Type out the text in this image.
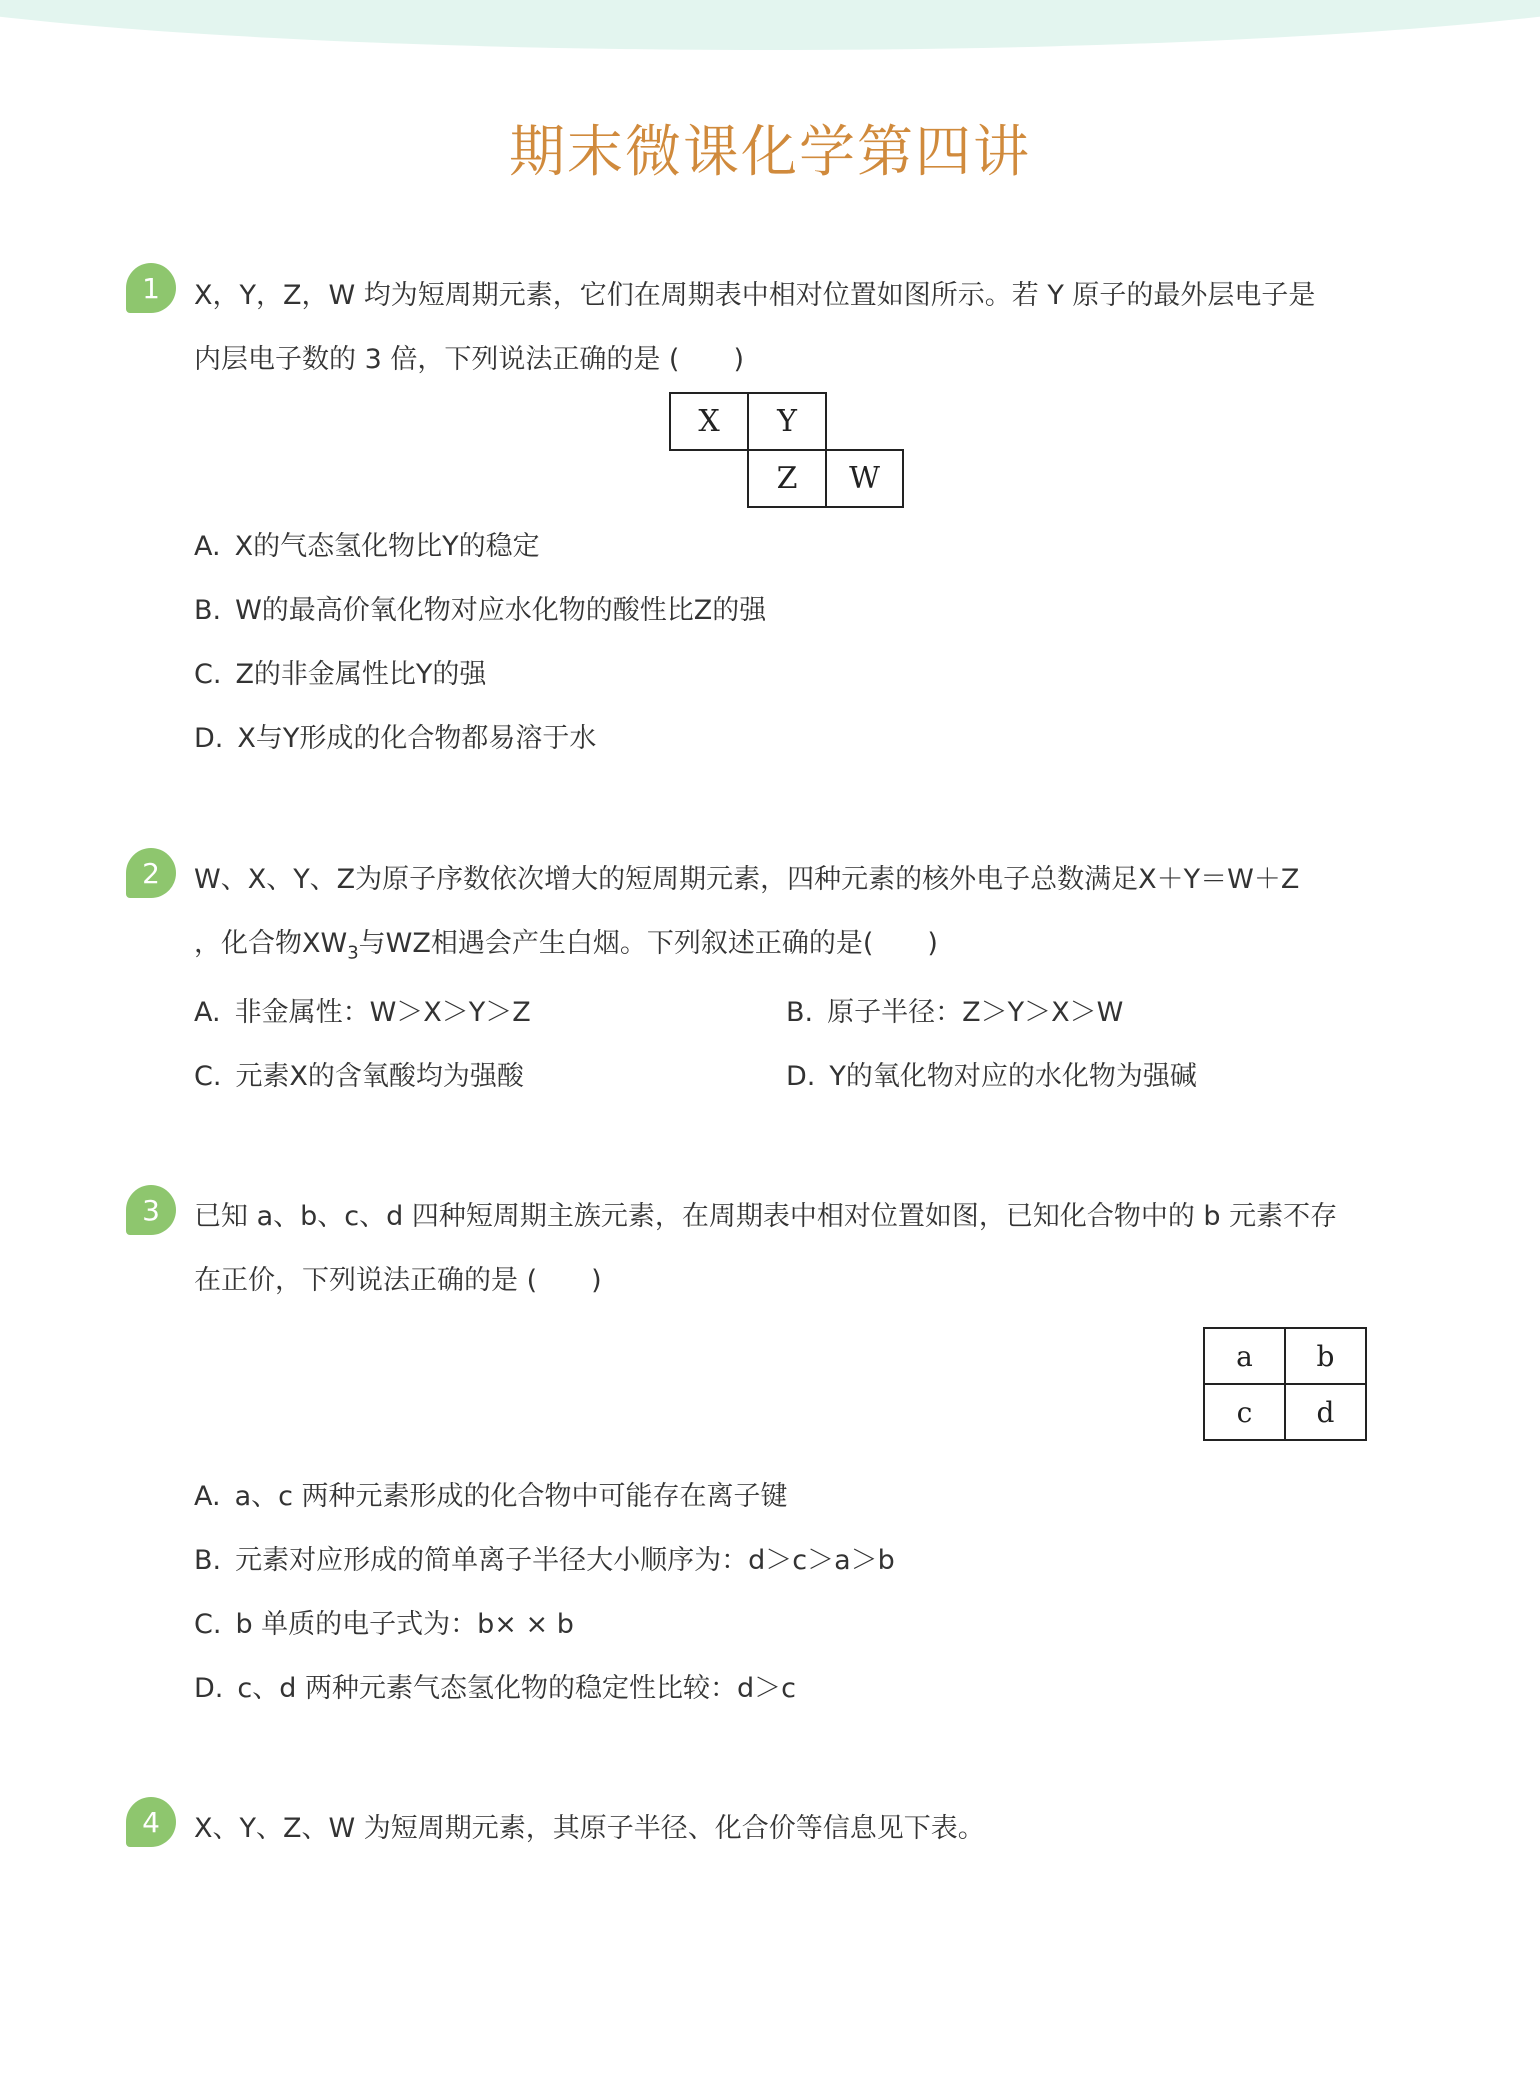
期末微课化学第四讲
1	X，Y，Z，W 均为短周期元素，它们在周期表中相对位置如图所示。若 Y 原子的最外层电子是
内层电子数的 3 倍，下列说法正确的是 (　　)
X	Y	
	Z	W
A. X的气态氢化物比Y的稳定
B. W的最高价氧化物对应水化物的酸性比Z的强
C. Z的非金属性比Y的强
D. X与Y形成的化合物都易溶于水
2	W、X、Y、Z为原子序数依次增大的短周期元素，四种元素的核外电子总数满足X＋Y＝W＋Z
，化合物$XW_3$与WZ相遇会产生白烟。下列叙述正确的是(　　)
A. 非金属性：W＞X＞Y＞Z	B. 原子半径：Z＞Y＞X＞W
C. 元素X的含氧酸均为强酸	D. Y的氧化物对应的水化物为强碱
3	已知 a、b、c、d 四种短周期主族元素，在周期表中相对位置如图，已知化合物中的 b 元素不存
在正价，下列说法正确的是 (　　)
a	b
c	d
A. a、c 两种元素形成的化合物中可能存在离子键
B. 元素对应形成的简单离子半径大小顺序为：d＞c＞a＞b
C. b 单质的电子式为：b× × b
D. c、d 两种元素气态氢化物的稳定性比较：d＞c
4	X、Y、Z、W 为短周期元素，其原子半径、化合价等信息见下表。
